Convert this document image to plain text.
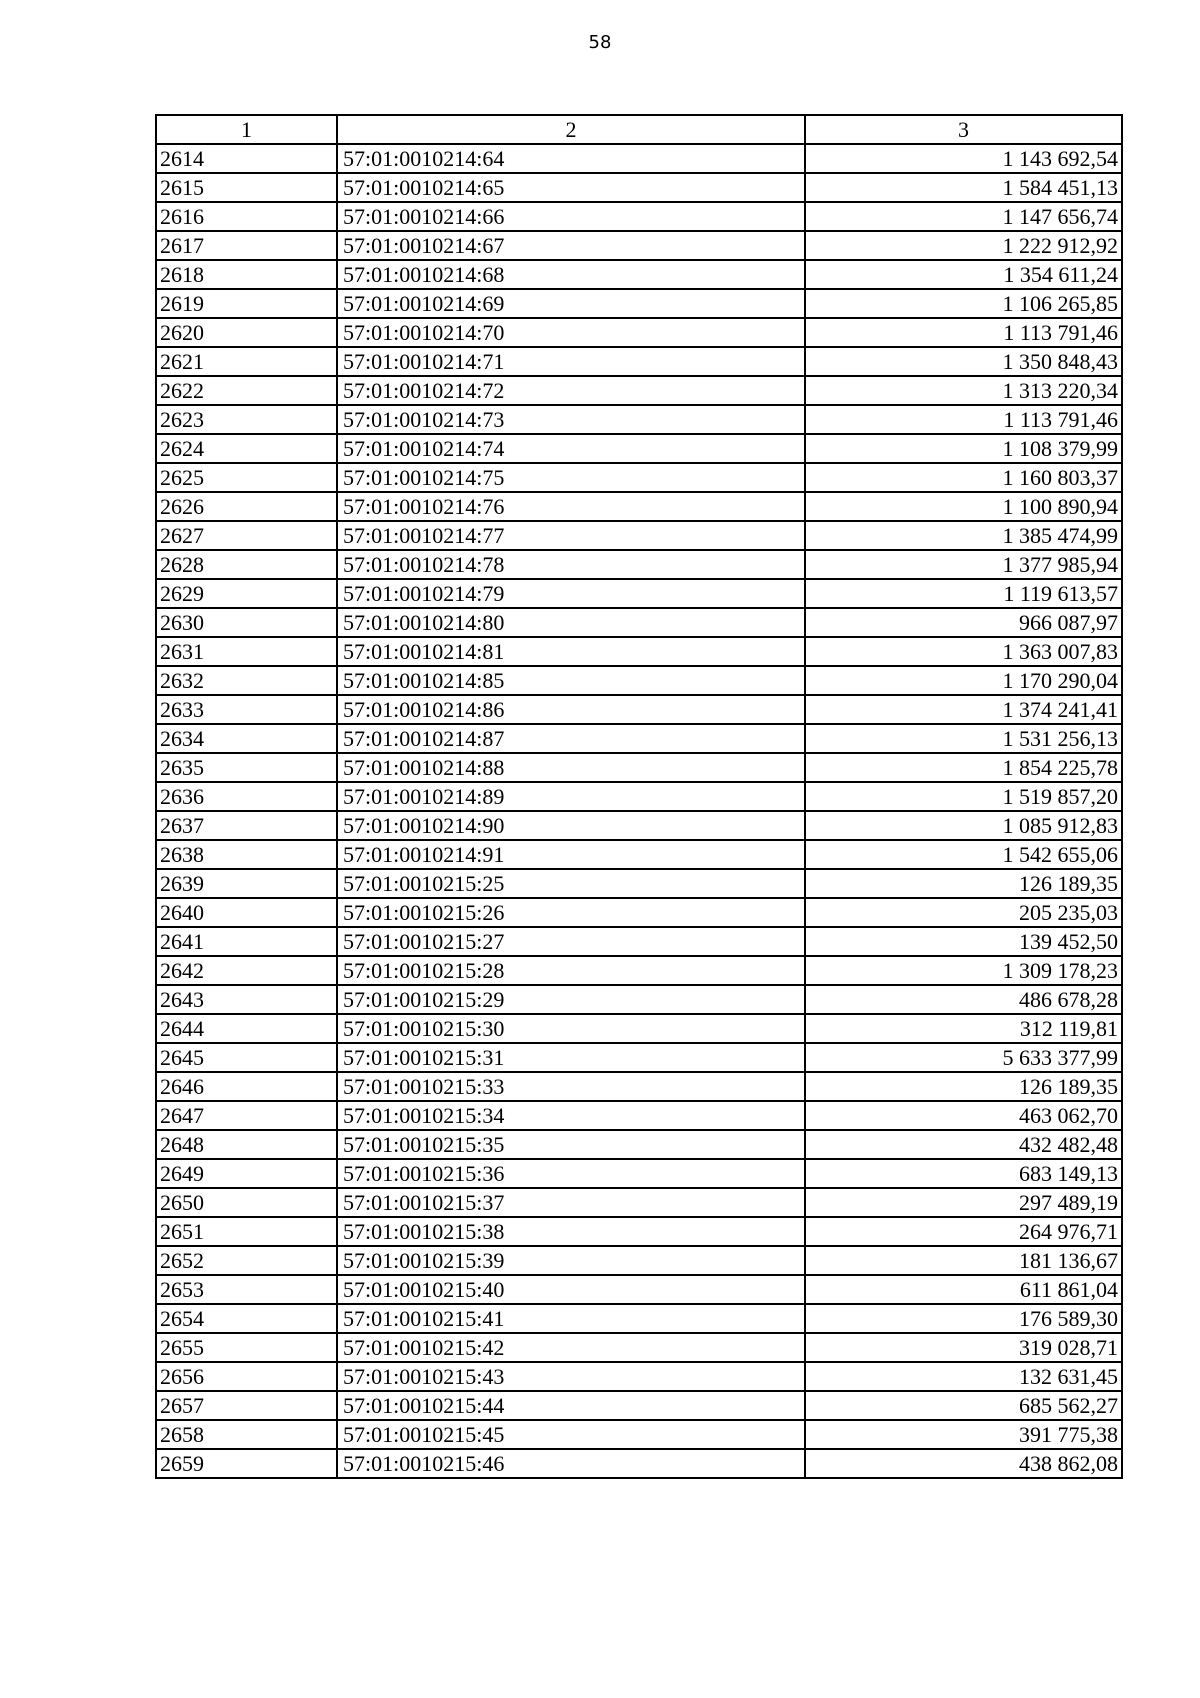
58
1	2	3
2614	57:01:0010214:64	1 143 692,54
2615	57:01:0010214:65	1 584 451,13
2616	57:01:0010214:66	1 147 656,74
2617	57:01:0010214:67	1 222 912,92
2618	57:01:0010214:68	1 354 611,24
2619	57:01:0010214:69	1 106 265,85
2620	57:01:0010214:70	1 113 791,46
2621	57:01:0010214:71	1 350 848,43
2622	57:01:0010214:72	1 313 220,34
2623	57:01:0010214:73	1 113 791,46
2624	57:01:0010214:74	1 108 379,99
2625	57:01:0010214:75	1 160 803,37
2626	57:01:0010214:76	1 100 890,94
2627	57:01:0010214:77	1 385 474,99
2628	57:01:0010214:78	1 377 985,94
2629	57:01:0010214:79	1 119 613,57
2630	57:01:0010214:80	966 087,97
2631	57:01:0010214:81	1 363 007,83
2632	57:01:0010214:85	1 170 290,04
2633	57:01:0010214:86	1 374 241,41
2634	57:01:0010214:87	1 531 256,13
2635	57:01:0010214:88	1 854 225,78
2636	57:01:0010214:89	1 519 857,20
2637	57:01:0010214:90	1 085 912,83
2638	57:01:0010214:91	1 542 655,06
2639	57:01:0010215:25	126 189,35
2640	57:01:0010215:26	205 235,03
2641	57:01:0010215:27	139 452,50
2642	57:01:0010215:28	1 309 178,23
2643	57:01:0010215:29	486 678,28
2644	57:01:0010215:30	312 119,81
2645	57:01:0010215:31	5 633 377,99
2646	57:01:0010215:33	126 189,35
2647	57:01:0010215:34	463 062,70
2648	57:01:0010215:35	432 482,48
2649	57:01:0010215:36	683 149,13
2650	57:01:0010215:37	297 489,19
2651	57:01:0010215:38	264 976,71
2652	57:01:0010215:39	181 136,67
2653	57:01:0010215:40	611 861,04
2654	57:01:0010215:41	176 589,30
2655	57:01:0010215:42	319 028,71
2656	57:01:0010215:43	132 631,45
2657	57:01:0010215:44	685 562,27
2658	57:01:0010215:45	391 775,38
2659	57:01:0010215:46	438 862,08
